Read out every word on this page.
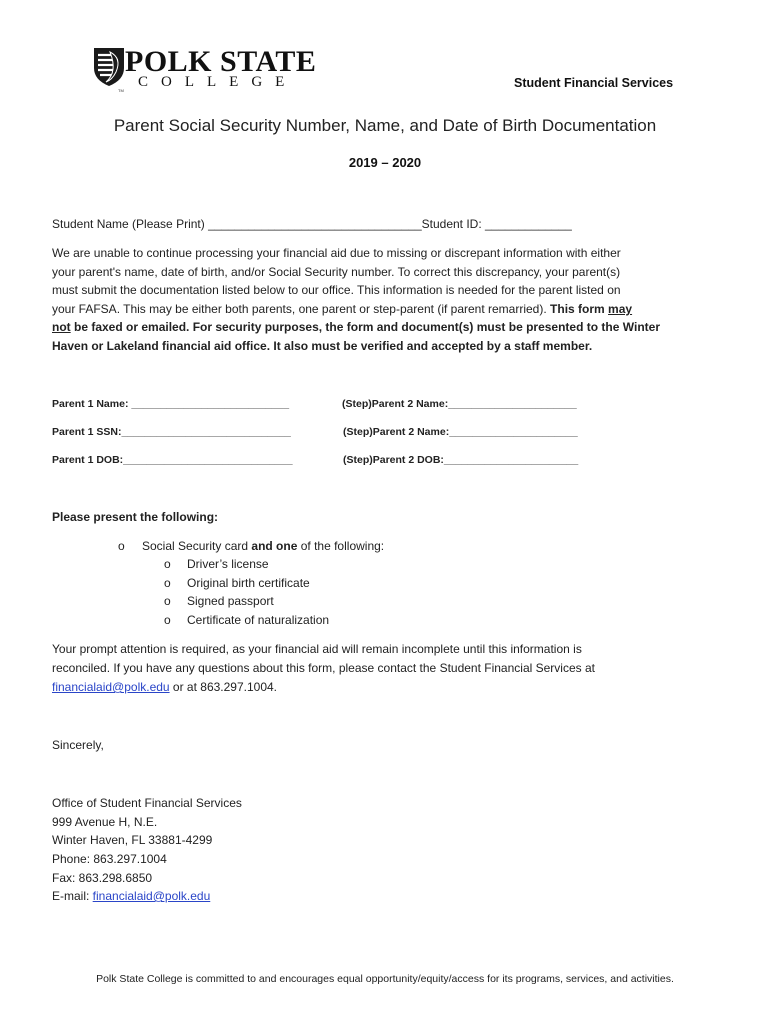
POLK STATE
COLLEGE
TM
Student Financial Services
Parent Social Security Number, Name, and Date of Birth Documentation
2019 – 2020
Student Name (Please Print) ________________________________Student ID: _____________
We are unable to continue processing your financial aid due to missing or discrepant information with either
your parent's name, date of birth, and/or Social Security number. To correct this discrepancy, your parent(s)
must submit the documentation listed below to our office. This information is needed for the parent listed on
your FAFSA. This may be either both parents, one parent or step-parent (if parent remarried). This form may
not be faxed or emailed. For security purposes, the form and document(s) must be presented to the Winter
Haven or Lakeland financial aid office. It also must be verified and accepted by a staff member.
Parent 1 Name: ___________________________	(Step)Parent 2 Name:______________________
Parent 1 SSN:_____________________________	(Step)Parent 2 Name:______________________
Parent 1 DOB:_____________________________	(Step)Parent 2 DOB:_______________________
Please present the following:
o Social Security card and one of the following:
o Driver’s license
o Original birth certificate
o Signed passport
o Certificate of naturalization
Your prompt attention is required, as your financial aid will remain incomplete until this information is
reconciled. If you have any questions about this form, please contact the Student Financial Services at
financialaid@polk.edu or at 863.297.1004.
Sincerely,
Office of Student Financial Services
999 Avenue H, N.E.
Winter Haven, FL 33881-4299
Phone: 863.297.1004
Fax: 863.298.6850
E-mail: financialaid@polk.edu
Polk State College is committed to and encourages equal opportunity/equity/access for its programs, services, and activities.
